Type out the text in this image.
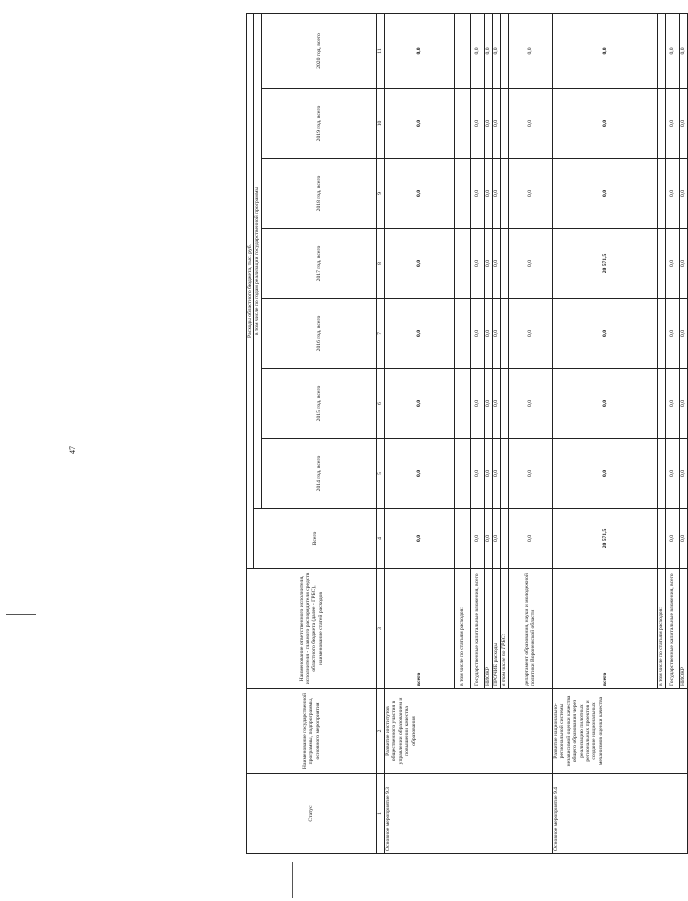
47
Статус	Наименование государственной программы, подпрограммы, основного мероприятия	Наименование ответственного исполнителя, исполнителя - главного распорядителя средств областного бюджета (далее - ГРБС), наименование статей расходов	Расходы областного бюджета, тыс. руб.							
			Всего	в том числе по годам реализации государственной программы						
				2014 год, всего	2015 год, всего	2016 год, всего	2017 год, всего	2018 год, всего	2019 год, всего	2020 год, всего
1	2	3	4	5	6	7	8	9	10	11
Основное мероприятие 9.3	Развитие институтов общественного участия в управлении образованием и повышении качества образования	всего	0,0	0,0	0,0	0,0	0,0	0,0	0,0	0,0
		в том числе по статьям расходов:								
		Государственные капитальные вложения, всего	0,0	0,0	0,0	0,0	0,0	0,0	0,0	0,0
		НИОКР	0,0	0,0	0,0	0,0	0,0	0,0	0,0	0,0
		ПРОЧИЕ расходы	0,0	0,0	0,0	0,0	0,0	0,0	0,0	0,0
		в том числе по ГРБС:								
		департамент образования, науки и молодежной политики Воронежской области	0,0	0,0	0,0	0,0	0,0	0,0	0,0	0,0
Основное мероприятие 9.4	Развитие национально-региональной системы независимой оценки качества общего образования через реализацию пилотных региональных проектов и создание национальных механизмов оценки качества	всего	20 571,5	0,0	0,0	0,0	20 571,5	0,0	0,0	0,0
		в том числе по статьям расходов:								
		Государственные капитальные вложения, всего	0,0	0,0	0,0	0,0	0,0	0,0	0,0	0,0
		НИОКР	0,0	0,0	0,0	0,0	0,0	0,0	0,0	0,0
